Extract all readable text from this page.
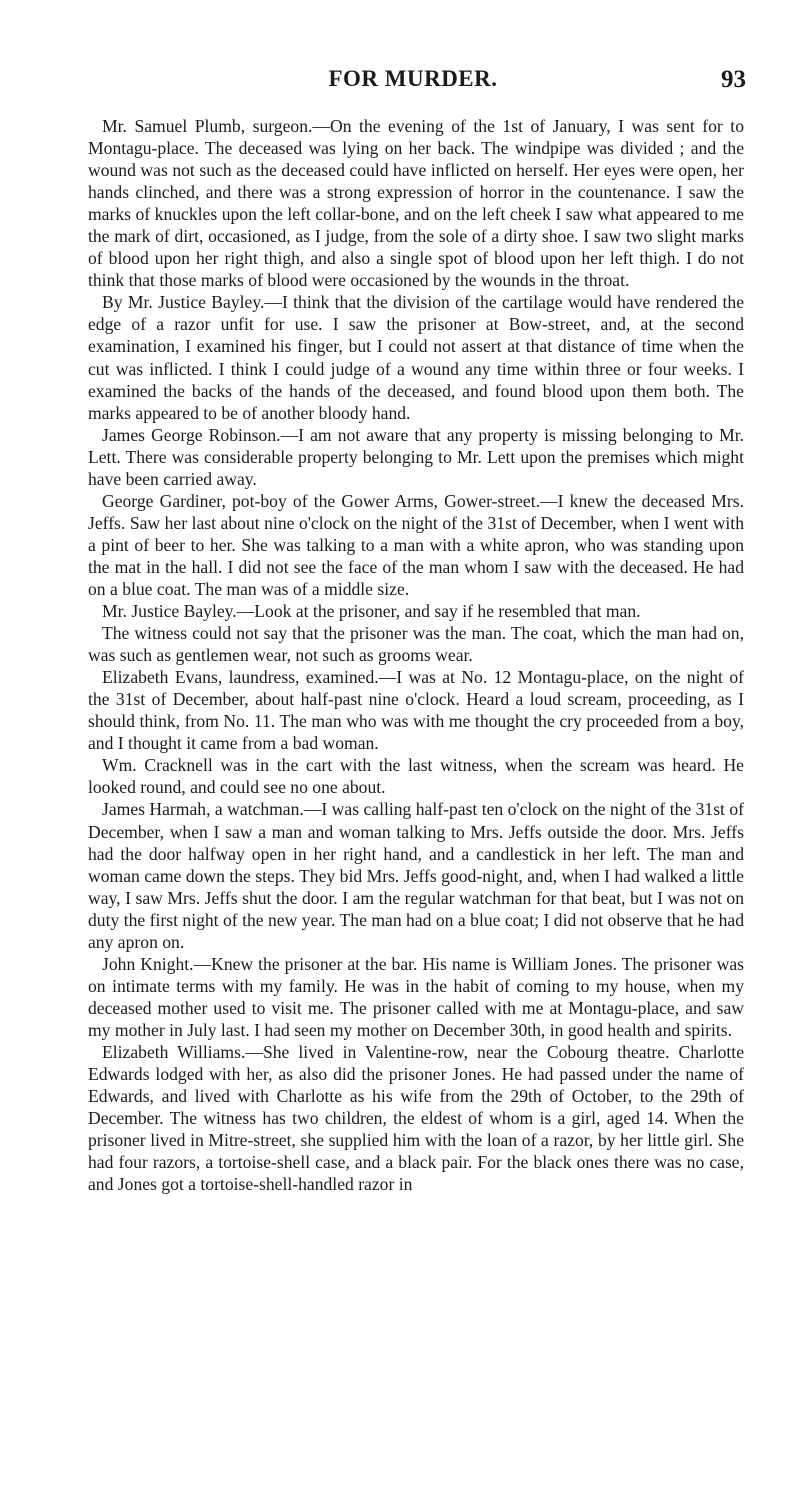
FOR MURDER.	93

Mr. Samuel Plumb, surgeon.—On the evening of the 1st of January, I was sent for to Montagu-place. The deceased was lying on her back. The windpipe was divided ; and the wound was not such as the deceased could have inflicted on herself. Her eyes were open, her hands clinched, and there was a strong expression of horror in the countenance. I saw the marks of knuckles upon the left collar-bone, and on the left cheek I saw what appeared to me the mark of dirt, occasioned, as I judge, from the sole of a dirty shoe. I saw two slight marks of blood upon her right thigh, and also a single spot of blood upon her left thigh. I do not think that those marks of blood were occasioned by the wounds in the throat.

By Mr. Justice Bayley.—I think that the division of the cartilage would have rendered the edge of a razor unfit for use. I saw the prisoner at Bow-street, and, at the second examination, I examined his finger, but I could not assert at that distance of time when the cut was inflicted. I think I could judge of a wound any time within three or four weeks. I examined the backs of the hands of the deceased, and found blood upon them both. The marks appeared to be of another bloody hand.

James George Robinson.—I am not aware that any property is missing belonging to Mr. Lett. There was considerable property belonging to Mr. Lett upon the premises which might have been carried away.

George Gardiner, pot-boy of the Gower Arms, Gower-street.—I knew the deceased Mrs. Jeffs. Saw her last about nine o'clock on the night of the 31st of December, when I went with a pint of beer to her. She was talking to a man with a white apron, who was standing upon the mat in the hall. I did not see the face of the man whom I saw with the deceased. He had on a blue coat. The man was of a middle size.

Mr. Justice Bayley.—Look at the prisoner, and say if he resembled that man.

The witness could not say that the prisoner was the man. The coat, which the man had on, was such as gentlemen wear, not such as grooms wear.

Elizabeth Evans, laundress, examined.—I was at No. 12 Montagu-place, on the night of the 31st of December, about half-past nine o'clock. Heard a loud scream, proceeding, as I should think, from No. 11. The man who was with me thought the cry proceeded from a boy, and I thought it came from a bad woman.

Wm. Cracknell was in the cart with the last witness, when the scream was heard. He looked round, and could see no one about.

James Harmah, a watchman.—I was calling half-past ten o'clock on the night of the 31st of December, when I saw a man and woman talking to Mrs. Jeffs outside the door. Mrs. Jeffs had the door halfway open in her right hand, and a candlestick in her left. The man and woman came down the steps. They bid Mrs. Jeffs good-night, and, when I had walked a little way, I saw Mrs. Jeffs shut the door. I am the regular watchman for that beat, but I was not on duty the first night of the new year. The man had on a blue coat; I did not observe that he had any apron on.

John Knight.—Knew the prisoner at the bar. His name is William Jones. The prisoner was on intimate terms with my family. He was in the habit of coming to my house, when my deceased mother used to visit me. The prisoner called with me at Montagu-place, and saw my mother in July last. I had seen my mother on December 30th, in good health and spirits.

Elizabeth Williams.—She lived in Valentine-row, near the Cobourg theatre. Charlotte Edwards lodged with her, as also did the prisoner Jones. He had passed under the name of Edwards, and lived with Charlotte as his wife from the 29th of October, to the 29th of December. The witness has two children, the eldest of whom is a girl, aged 14. When the prisoner lived in Mitre-street, she supplied him with the loan of a razor, by her little girl. She had four razors, a tortoise-shell case, and a black pair. For the black ones there was no case, and Jones got a tortoise-shell-handled razor in
